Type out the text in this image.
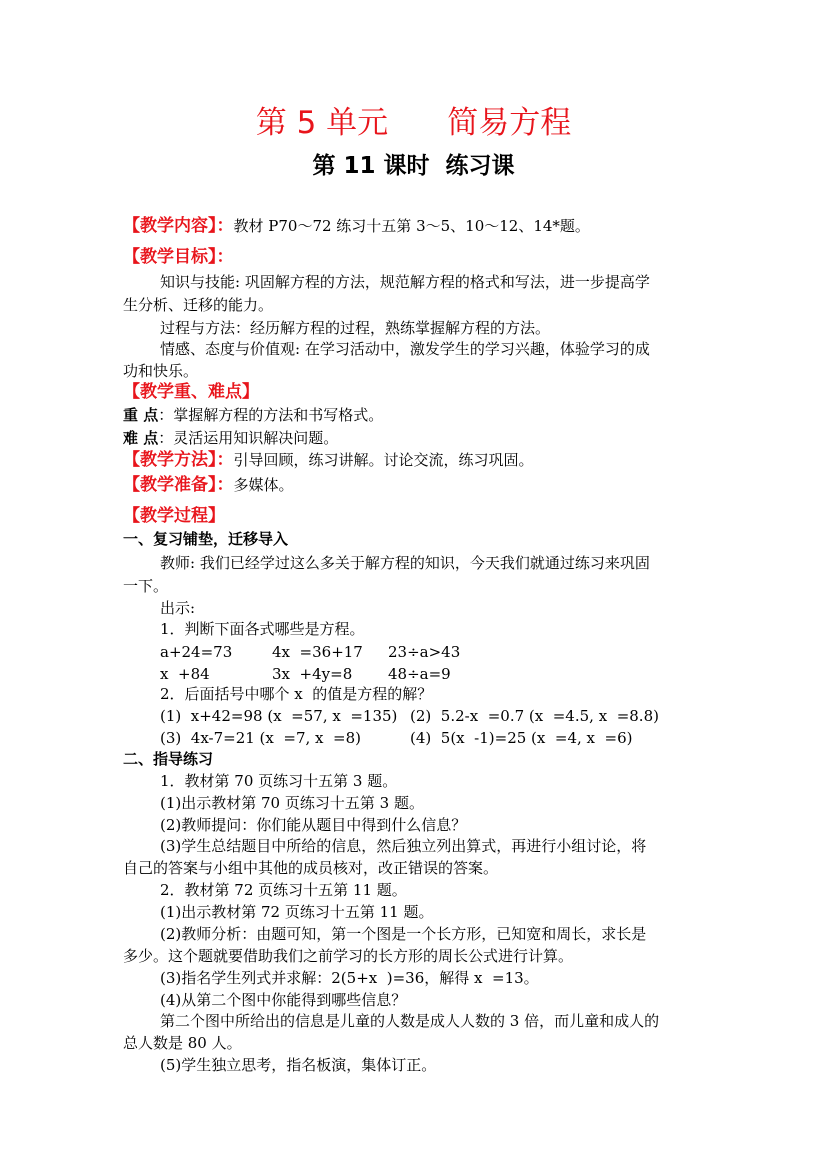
第 5 单元      简易方程
第 11 课时  练习课
【教学内容】：教材 P70～72 练习十五第 3～5、10～12、14*题。
【教学目标】：
知识与技能: 巩固解方程的方法，规范解方程的格式和写法，进一步提高学
生分析、迁移的能力。
过程与方法：经历解方程的过程，熟练掌握解方程的方法。
情感、态度与价值观: 在学习活动中，激发学生的学习兴趣，体验学习的成
功和快乐。
【教学重、难点】
重 点：掌握解方程的方法和书写格式。
难 点：灵活运用知识解决问题。
【教学方法】：引导回顾，练习讲解。讨论交流，练习巩固。
【教学准备】：多媒体。
【教学过程】
一、复习铺垫，迁移导入
教师: 我们已经学过这么多关于解方程的知识，今天我们就通过练习来巩固
一下。
出示:
1．判断下面各式哪些是方程。
a+24=73	4x  =36+17 23÷a>43
x  +84	3x  +4y=8 48÷a=9
2．后面括号中哪个 x  的值是方程的解？
(1)  x+42=98 (x  =57, x  =135) (2)  5.2-x  =0.7 (x  =4.5, x  =8.8)
(3)  4x-7=21 (x  =7, x  =8)	(4)  5(x  -1)=25 (x  =4, x  =6)
二、指导练习
1．教材第 70 页练习十五第 3 题。
(1)出示教材第 70 页练习十五第 3 题。
(2)教师提问：你们能从题目中得到什么信息？
(3)学生总结题目中所给的信息，然后独立列出算式，再进行小组讨论，将
自己的答案与小组中其他的成员核对，改正错误的答案。
2．教材第 72 页练习十五第 11 题。
(1)出示教材第 72 页练习十五第 11 题。
(2)教师分析：由题可知，第一个图是一个长方形，已知宽和周长，求长是
多少。这个题就要借助我们之前学习的长方形的周长公式进行计算。
(3)指名学生列式并求解：2(5+x  )=36，解得 x  =13。
(4)从第二个图中你能得到哪些信息？
第二个图中所给出的信息是儿童的人数是成人人数的 3 倍，而儿童和成人的
总人数是 80 人。
(5)学生独立思考，指名板演，集体订正。
